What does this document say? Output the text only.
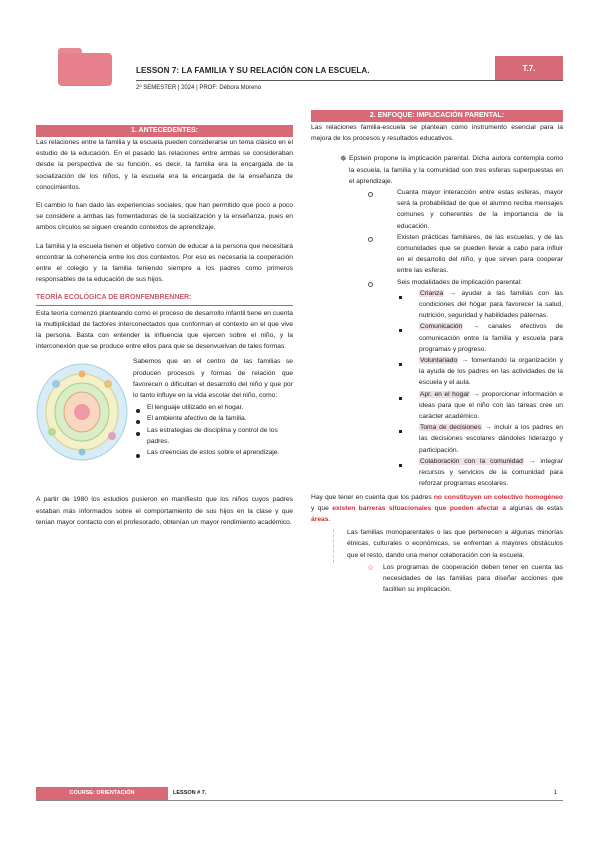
LESSON 7: LA FAMILIA Y SU RELACIÓN CON LA ESCUELA.	T.7.
2º SEMESTER | 2024 | PROF: Débora Moreno
1. ANTECEDENTES:

Las relaciones entre la familia y la escuela pueden considerarse un tema clásico en el estudio de la educación. En el pasado las relaciones entre ambas se consideraban desde la perspectiva de su función, es decir, la familia era la encargada de la socialización de los niños, y la escuela era la encargada de la enseñanza de conocimientos.

El cambio lo han dado las experiencias sociales, que han permitido que poco a poco se considere a ambas las fomentadoras de la socialización y la enseñanza, pues en ambos círculos se siguen creando contextos de aprendizaje.

La familia y la escuela tienen el objetivo común de educar a la persona que necesitará encontrar la coherencia entre los dos contextos. Por eso es necesaria la cooperación entre el colegio y la familia teniendo siempre a los padres como primeros responsables de la educación de sus hijos.

TEORÍA ECOLÓGICA DE BRONFENBRENNER:

Esta teoría comenzó planteando como el proceso de desarrollo infantil tiene en cuenta la multiplicidad de factores interconectados que conforman el contexto en el que vive la persona. Basta con entender la influencia que ejercen sobre el niño, y la interconexión que se produce entre ellos para que se desenvuelvan de tales formas.

Sabemos que en el centro de las familias se producen procesos y formas de relación que favorecen o dificultan el desarrollo del niño y que por lo tanto influye en la vida escolar del niño, como:

El lenguaje utilizado en el hogar.
El ambiente afectivo de la familia.
Las estrategias de disciplina y control de los padres.
Las creencias de estos sobre el aprendizaje.

A partir de 1980 los estudios pusieron en manifiesto que los niños cuyos padres estaban más informados sobre el comportamiento de sus hijos en la clase y que tenían mayor contacto con el profesorado, obtenían un mayor rendimiento académico.

2. ENFOQUE: IMPLICACIÓN PARENTAL:

Las relaciones familia-escuela se plantean como instrumento esencial para la mejora de los procesos y resultados educativos.

✵ Epstein propone la implicación parental. Dicha autora contempla como la escuela, la familia y la comunidad son tres esferas superpuestas en el aprendizaje.
Cuanta mayor interacción entre estas esferas, mayor será la probabilidad de que el alumno reciba mensajes comunes y coherentes de la importancia de la educación.
Existen prácticas familiares, de las escuelas, y de las comunidades que se pueden llevar a cabo para influir en el desarrollo del niño, y que sirven para cooperar entre las esferas.
Seis modalidades de implicación parental:
Crianza → ayudar a las familias con las condiciones del hogar para favorecer la salud, nutrición, seguridad y habilidades paternas.
Comunicación → canales efectivos de comunicación entre la familia y escuela para programas y progreso.
Voluntariado → fomentando la organización y la ayuda de los padres en las actividades de la escuela y el aula.
Apr. en el hogar → proporcionar información e ideas para que el niño con las tareas cree un carácter académico.
Toma de decisiones → incluir a los padres en las decisiones escolares dándoles liderazgo y participación.
Colaboración con la comunidad → integrar recursos y servicios de la comunidad para reforzar programas escolares.

Hay que tener en cuenta que los padres no constituyen un colectivo homogéneo y que existen barreras situacionales que pueden afectar a algunas de estas áreas.

Las familias monoparentales o las que pertenecen a algunas minorías étnicas, culturales o económicas, se enfrentan a mayores obstáculos que el resto, dando una menor colaboración con la escuela.
☆ Los programas de cooperación deben tener en cuenta las necesidades de las familias para diseñar acciones que faciliten su implicación.
COURSE: ORIENTACIÓN	LESSON # 7.	1
